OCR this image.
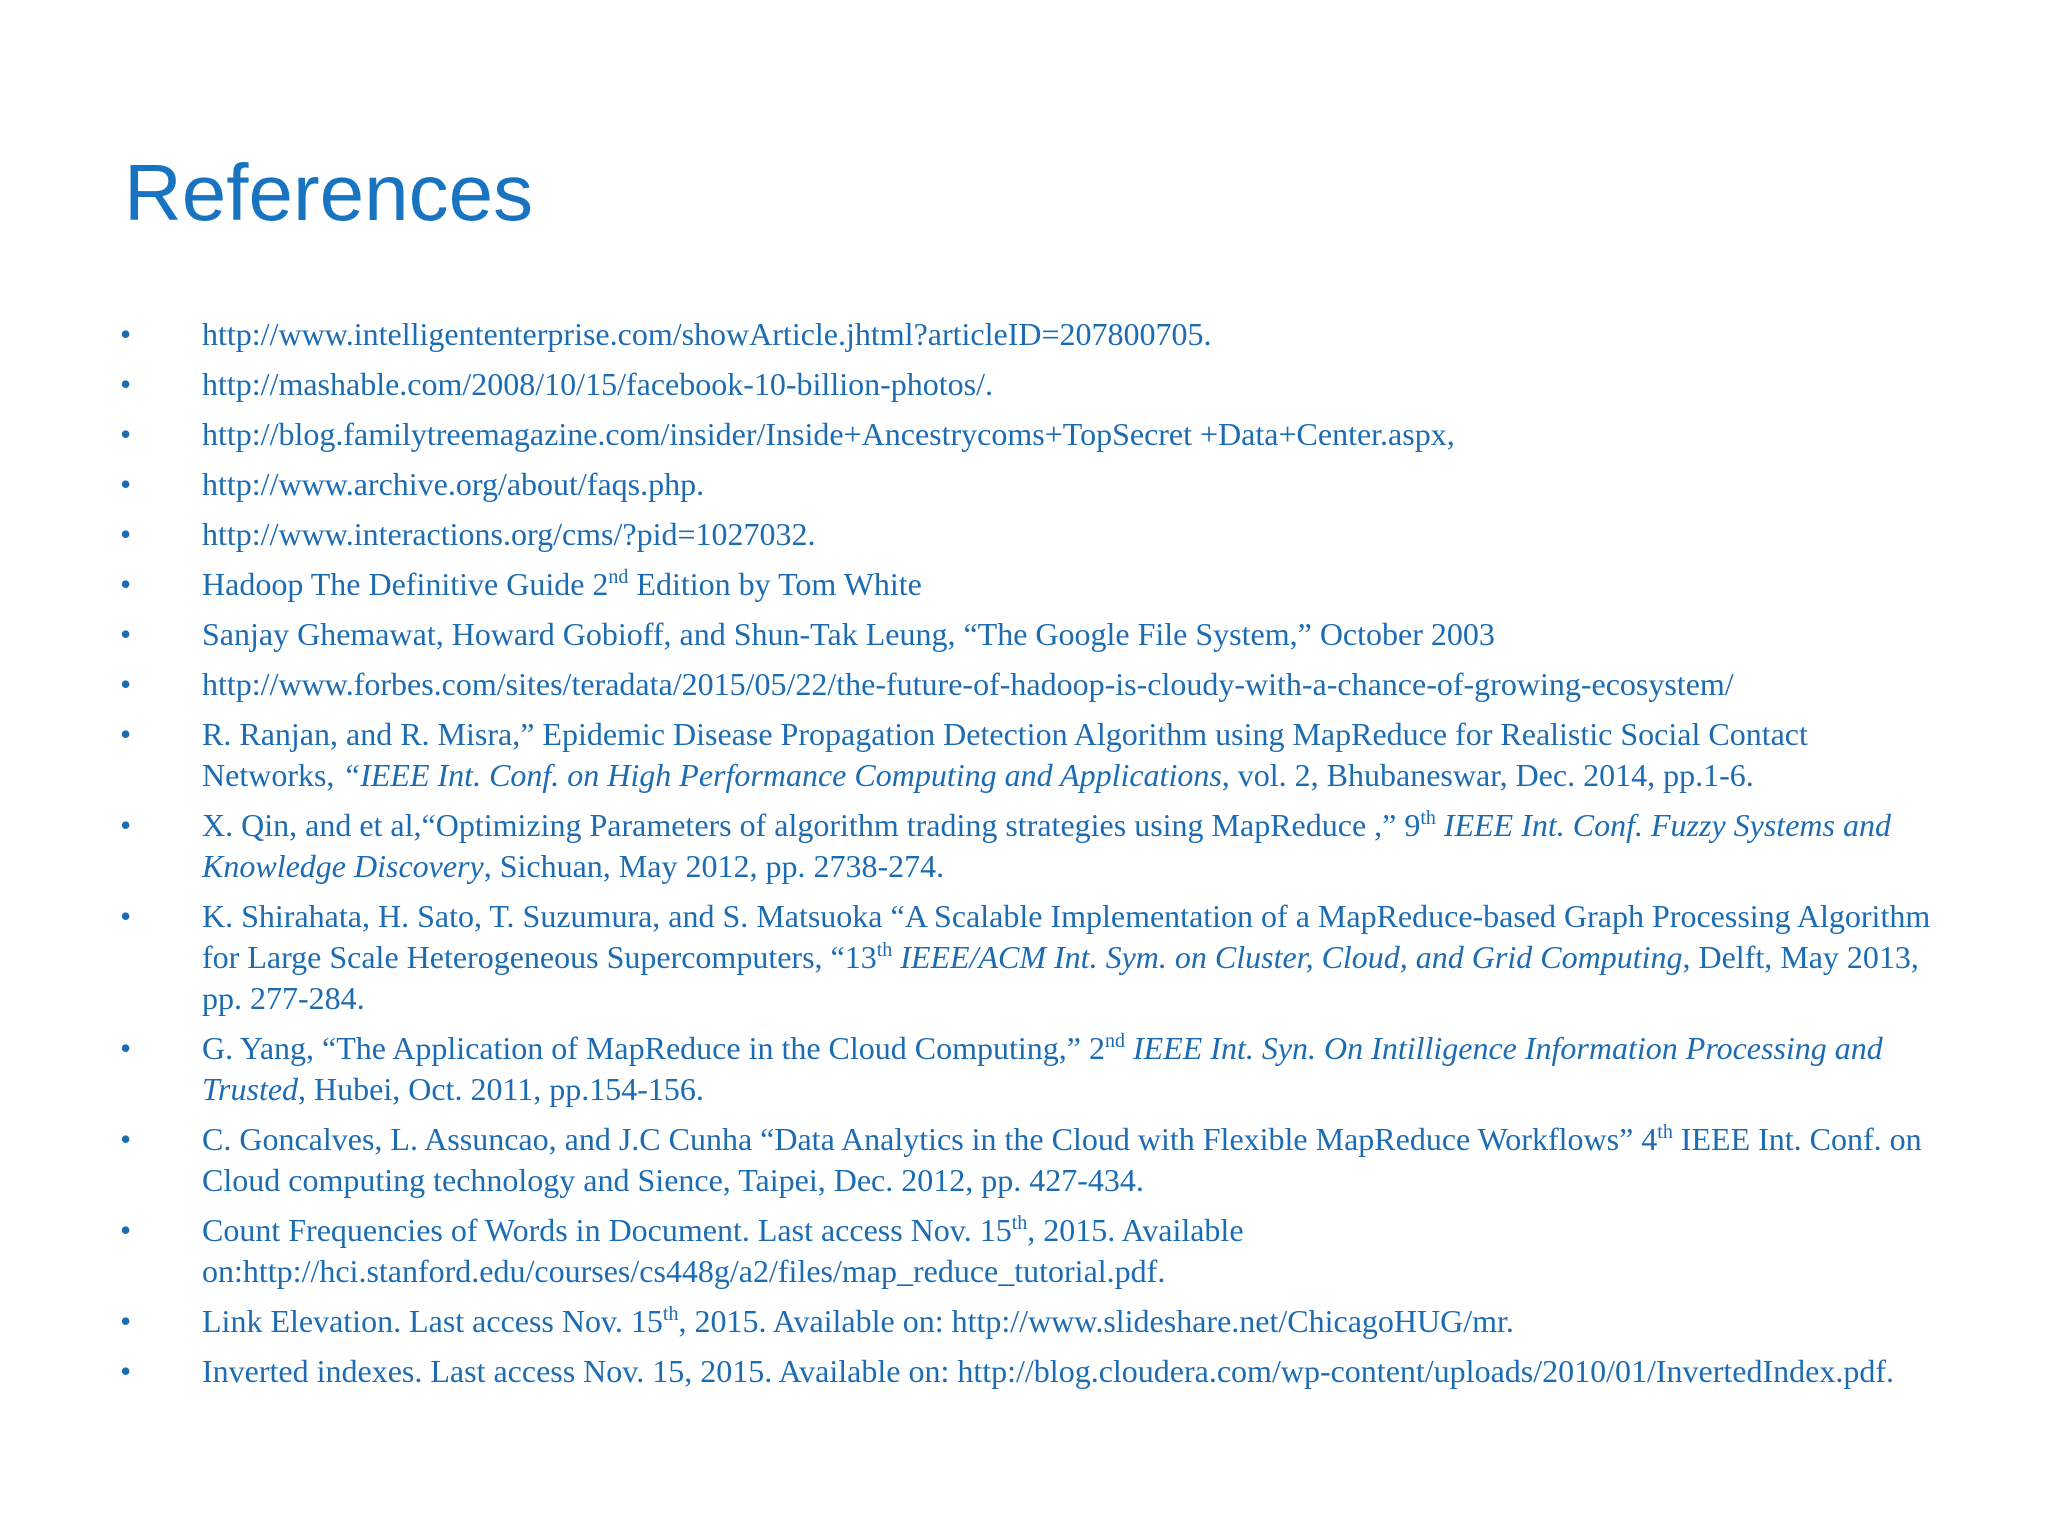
References
• http://www.intelligententerprise.com/showArticle.jhtml?articleID=207800705.
• http://mashable.com/2008/10/15/facebook-10-billion-photos/.
• http://blog.familytreemagazine.com/insider/Inside+Ancestrycoms+TopSecret +Data+Center.aspx,
• http://www.archive.org/about/faqs.php.
• http://www.interactions.org/cms/?pid=1027032.
• Hadoop The Definitive Guide 2nd Edition by Tom White
• Sanjay Ghemawat, Howard Gobioff, and Shun-Tak Leung, “The Google File System,” October 2003
• http://www.forbes.com/sites/teradata/2015/05/22/the-future-of-hadoop-is-cloudy-with-a-chance-of-growing-ecosystem/
• R. Ranjan, and R. Misra,” Epidemic Disease Propagation Detection Algorithm using MapReduce for Realistic Social Contact Networks, “IEEE Int. Conf. on High Performance Computing and Applications, vol. 2, Bhubaneswar, Dec. 2014, pp.1-6.
• X. Qin, and et al,“Optimizing Parameters of algorithm trading strategies using MapReduce ,” 9th IEEE Int. Conf. Fuzzy Systems and Knowledge Discovery, Sichuan, May 2012, pp. 2738-274.
• K. Shirahata, H. Sato, T. Suzumura, and S. Matsuoka “A Scalable Implementation of a MapReduce-based Graph Processing Algorithm for Large Scale Heterogeneous Supercomputers, “13th IEEE/ACM Int. Sym. on Cluster, Cloud, and Grid Computing, Delft, May 2013, pp. 277-284.
• G. Yang, “The Application of MapReduce in the Cloud Computing,” 2nd IEEE Int. Syn. On Intilligence Information Processing and Trusted, Hubei, Oct. 2011, pp.154-156.
• C. Goncalves, L. Assuncao, and J.C Cunha “Data Analytics in the Cloud with Flexible MapReduce Workflows” 4th IEEE Int. Conf. on Cloud computing technology and Sience, Taipei, Dec. 2012, pp. 427-434.
• Count Frequencies of Words in Document. Last access Nov. 15th, 2015. Available on:http://hci.stanford.edu/courses/cs448g/a2/files/map_reduce_tutorial.pdf.
• Link Elevation. Last access Nov. 15th, 2015. Available on: http://www.slideshare.net/ChicagoHUG/mr.
• Inverted indexes. Last access Nov. 15, 2015. Available on: http://blog.cloudera.com/wp-content/uploads/2010/01/InvertedIndex.pdf.
